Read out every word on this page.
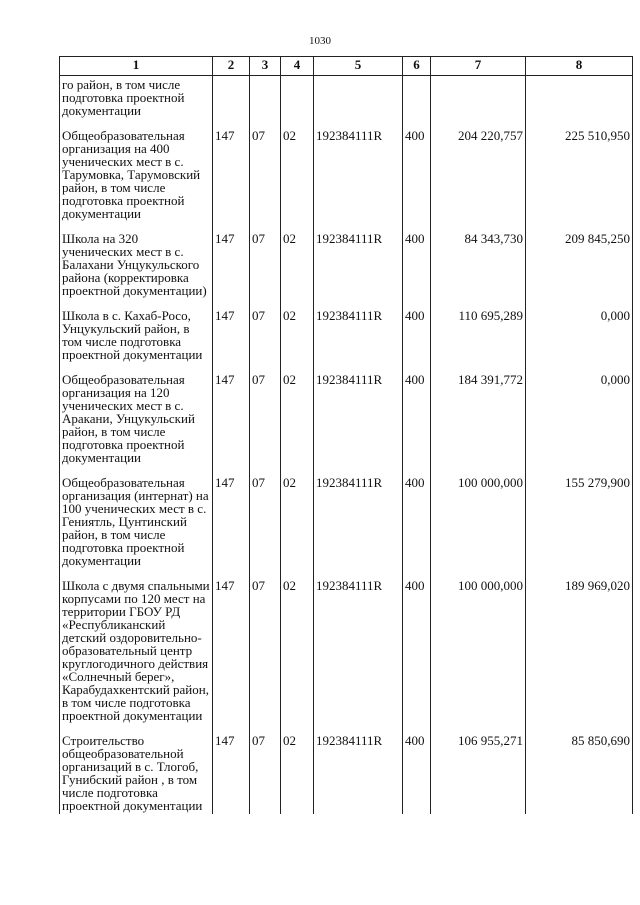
1030
1	2	3	4	5	6	7	8
го район, в том числе подготовка проектной документации							
Общеобразовательная организация на 400 ученических мест в с. Тарумовка, Тарумовский район, в том числе подготовка проектной документации	147	07	02	192384111R	400	204 220,757	225 510,950
Школа на 320 ученических мест в с. Балахани Унцукульского района (корректировка проектной документации)	147	07	02	192384111R	400	84 343,730	209 845,250
Школа в с. Кахаб-Росо, Унцукульский район, в том числе подготовка проектной документации	147	07	02	192384111R	400	110 695,289	0,000
Общеобразовательная организация на 120 ученических мест в с. Аракани, Унцукульский район, в том числе подготовка проектной документации	147	07	02	192384111R	400	184 391,772	0,000
Общеобразовательная организация (интернат) на 100 ученических мест в с. Гениятль, Цунтинский район, в том числе подготовка проектной документации	147	07	02	192384111R	400	100 000,000	155 279,900
Школа с двумя спальными корпусами по 120 мест на территории ГБОУ РД «Республиканский детский оздоровительно-образовательный центр круглогодичного действия «Солнечный берег», Карабудахкентский район, в том числе подготовка проектной документации	147	07	02	192384111R	400	100 000,000	189 969,020
Строительство общеобразовательной организаций в с. Тлогоб, Гунибский район , в том числе подготовка проектной документации	147	07	02	192384111R	400	106 955,271	85 850,690
